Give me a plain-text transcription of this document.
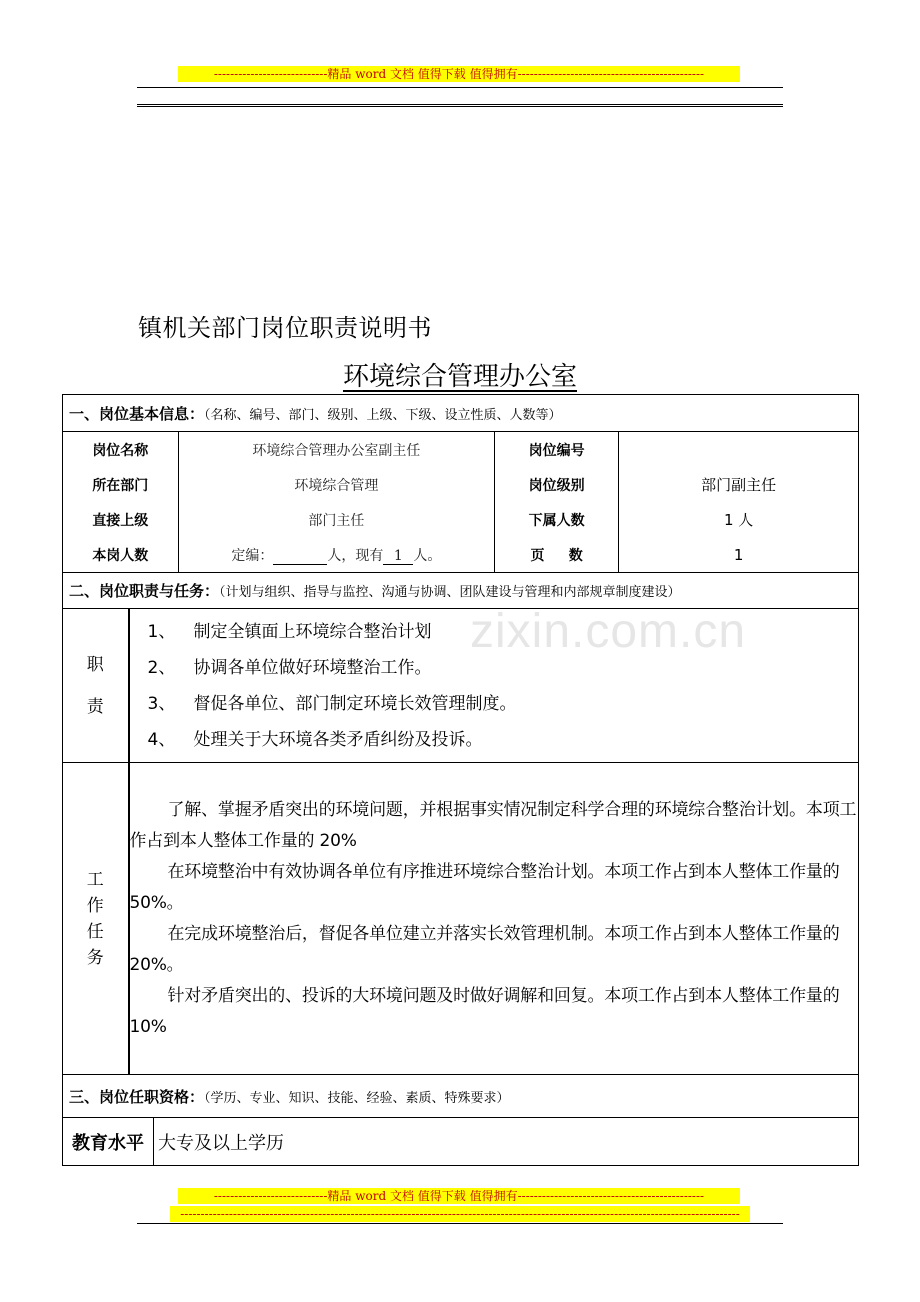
----------------------------精品 word 文档 值得下载 值得拥有----------------------------------------------
镇机关部门岗位职责说明书
环境综合管理办公室
一、岗位基本信息：（名称、编号、部门、级别、上级、下级、设立性质、人数等）

岗位名称	环境综合管理办公室副主任	岗位编号	
所在部门	环境综合管理	岗位级别	部门副主任
直接上级	部门主任	下属人数	1 人
本岗人数	定编：	人，现有 1 人。	页     数	1

二、岗位职责与任务：（计划与组织、指导与监控、沟通与协调、团队建设与管理和内部规章制度建设）

职
责

1、 制定全镇面上环境综合整治计划
2、 协调各单位做好环境整治工作。
3、 督促各单位、部门制定环境长效管理制度。
4、 处理关于大环境各类矛盾纠纷及投诉。

工
作
任
务

了解、掌握矛盾突出的环境问题，并根据事实情况制定科学合理的环境综合整治计划。本项工作占到本人整体工作量的 20%

在环境整治中有效协调各单位有序推进环境综合整治计划。本项工作占到本人整体工作量的 50%。

在完成环境整治后，督促各单位建立并落实长效管理机制。本项工作占到本人整体工作量的 20%。

针对矛盾突出的、投诉的大环境问题及时做好调解和回复。本项工作占到本人整体工作量的 10%

三、岗位任职资格：（学历、专业、知识、技能、经验、素质、特殊要求）
教育水平	大专及以上学历
zixin.com.cn
----------------------------精品 word 文档 值得下载 值得拥有----------------------------------------------
------------------------------------------------------------------------------------------------------------------------------------------
